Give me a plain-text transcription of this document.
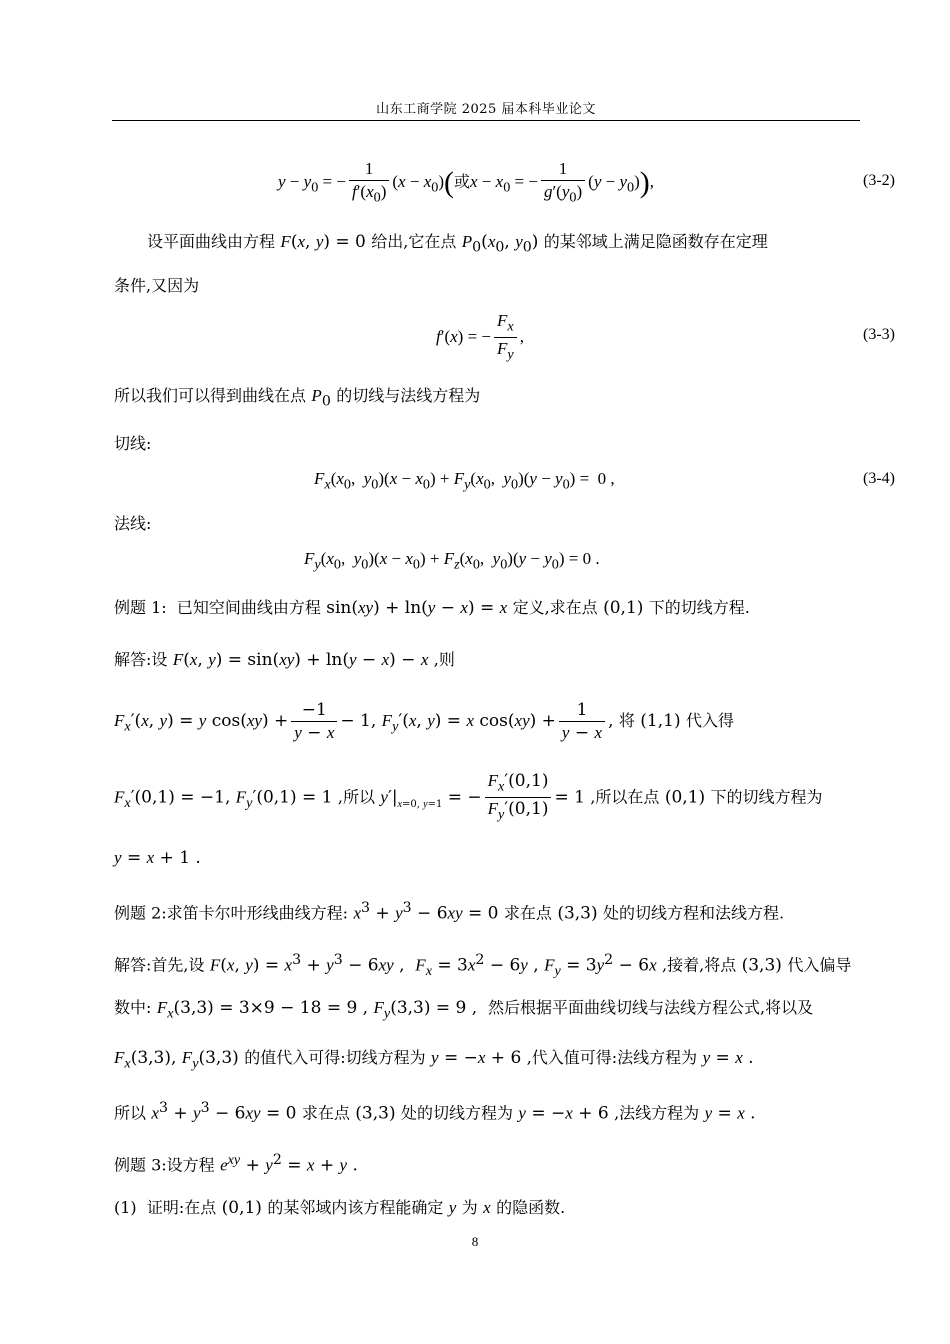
山东工商学院 2025 届本科毕业论文
$y - y_0$ = − $\frac{1}{f'(x_0)} (x - x_0)$(或$x - x_0$ = − $\frac{1}{g'(y_0)} (y - y_0)$),	(3-2)
设平面曲线由方程 F(x, y) = 0 给出,它在点 $P_0(x_0$, $y_0$) 的某邻域上满足隐函数存在定理
条件,又因为
f′(x) = − $\frac{F_x}{F_y}$ ,	(3-3)
所以我们可以得到曲线在点 $P_0$ 的切线与法线方程为
切线:
$F_x(x_0$,  $y_0)(x - x_0) + F_y(x_0$,  $y_0)(y - y_0) = 0$ ,	(3-4)
法线:
$F_y(x_0$,  $y_0)(x - x_0) + F_z(x_0$,  $y_0)(y - y_0) = 0$ .
例题 1:  已知空间曲线由方程 sin(xy) + ln(y − x) = x 定义,求在点 (0,1) 下的切线方程.
解答:设 F(x, y) = sin(xy) + ln(y − x) − x ,则
$F_x'(x$, y) = y $\cos(xy) + \frac{-1}{y - x} - 1$, $F_y'(x$, y) = x $\cos(xy) + \frac{1}{y - x}$ , 将 (1,1) 代入得
$F_x'(0,1) = -1$, $F_y'(0,1) = 1$ ,所以 $y'|_{x=0, y=1}$ = − $\frac{F_x'(0,1)}{F_y'(0,1)} = 1$ ,所以在点 (0,1) 下的切线方程为
y = x + 1 .
例题 2:求笛卡尔叶形线曲线方程: $x^3 + y^3 - 6xy = 0$ 求在点 (3,3) 处的切线方程和法线方程.
解答:首先,设 F(x, $y) = x^3 + y^3 - 6xy$ ,  $F_x = 3x^2 - 6y$ , $F_y = 3y^2 - 6x$ ,接着,将点 (3,3) 代入偏导
数中: $F_x(3,3) = 3\times 9 - 18 = 9$ , $F_y(3,3) = 9$ ,  然后根据平面曲线切线与法线方程公式,将以及
$F_x(3,3)$, $F_y(3,3)$ 的值代入可得:切线方程为 y = −x + 6 ,代入值可得:法线方程为 y = x .
所以 $x^3 + y^3 - 6xy = 0$ 求在点 (3,3) 处的切线方程为 y = −x + 6 ,法线方程为 y = x .
例题 3:设方程 $e^{xy} + y^2 = x + y$ .
(1)  证明:在点 (0,1) 的某邻域内该方程能确定 y 为 x 的隐函数.
8
